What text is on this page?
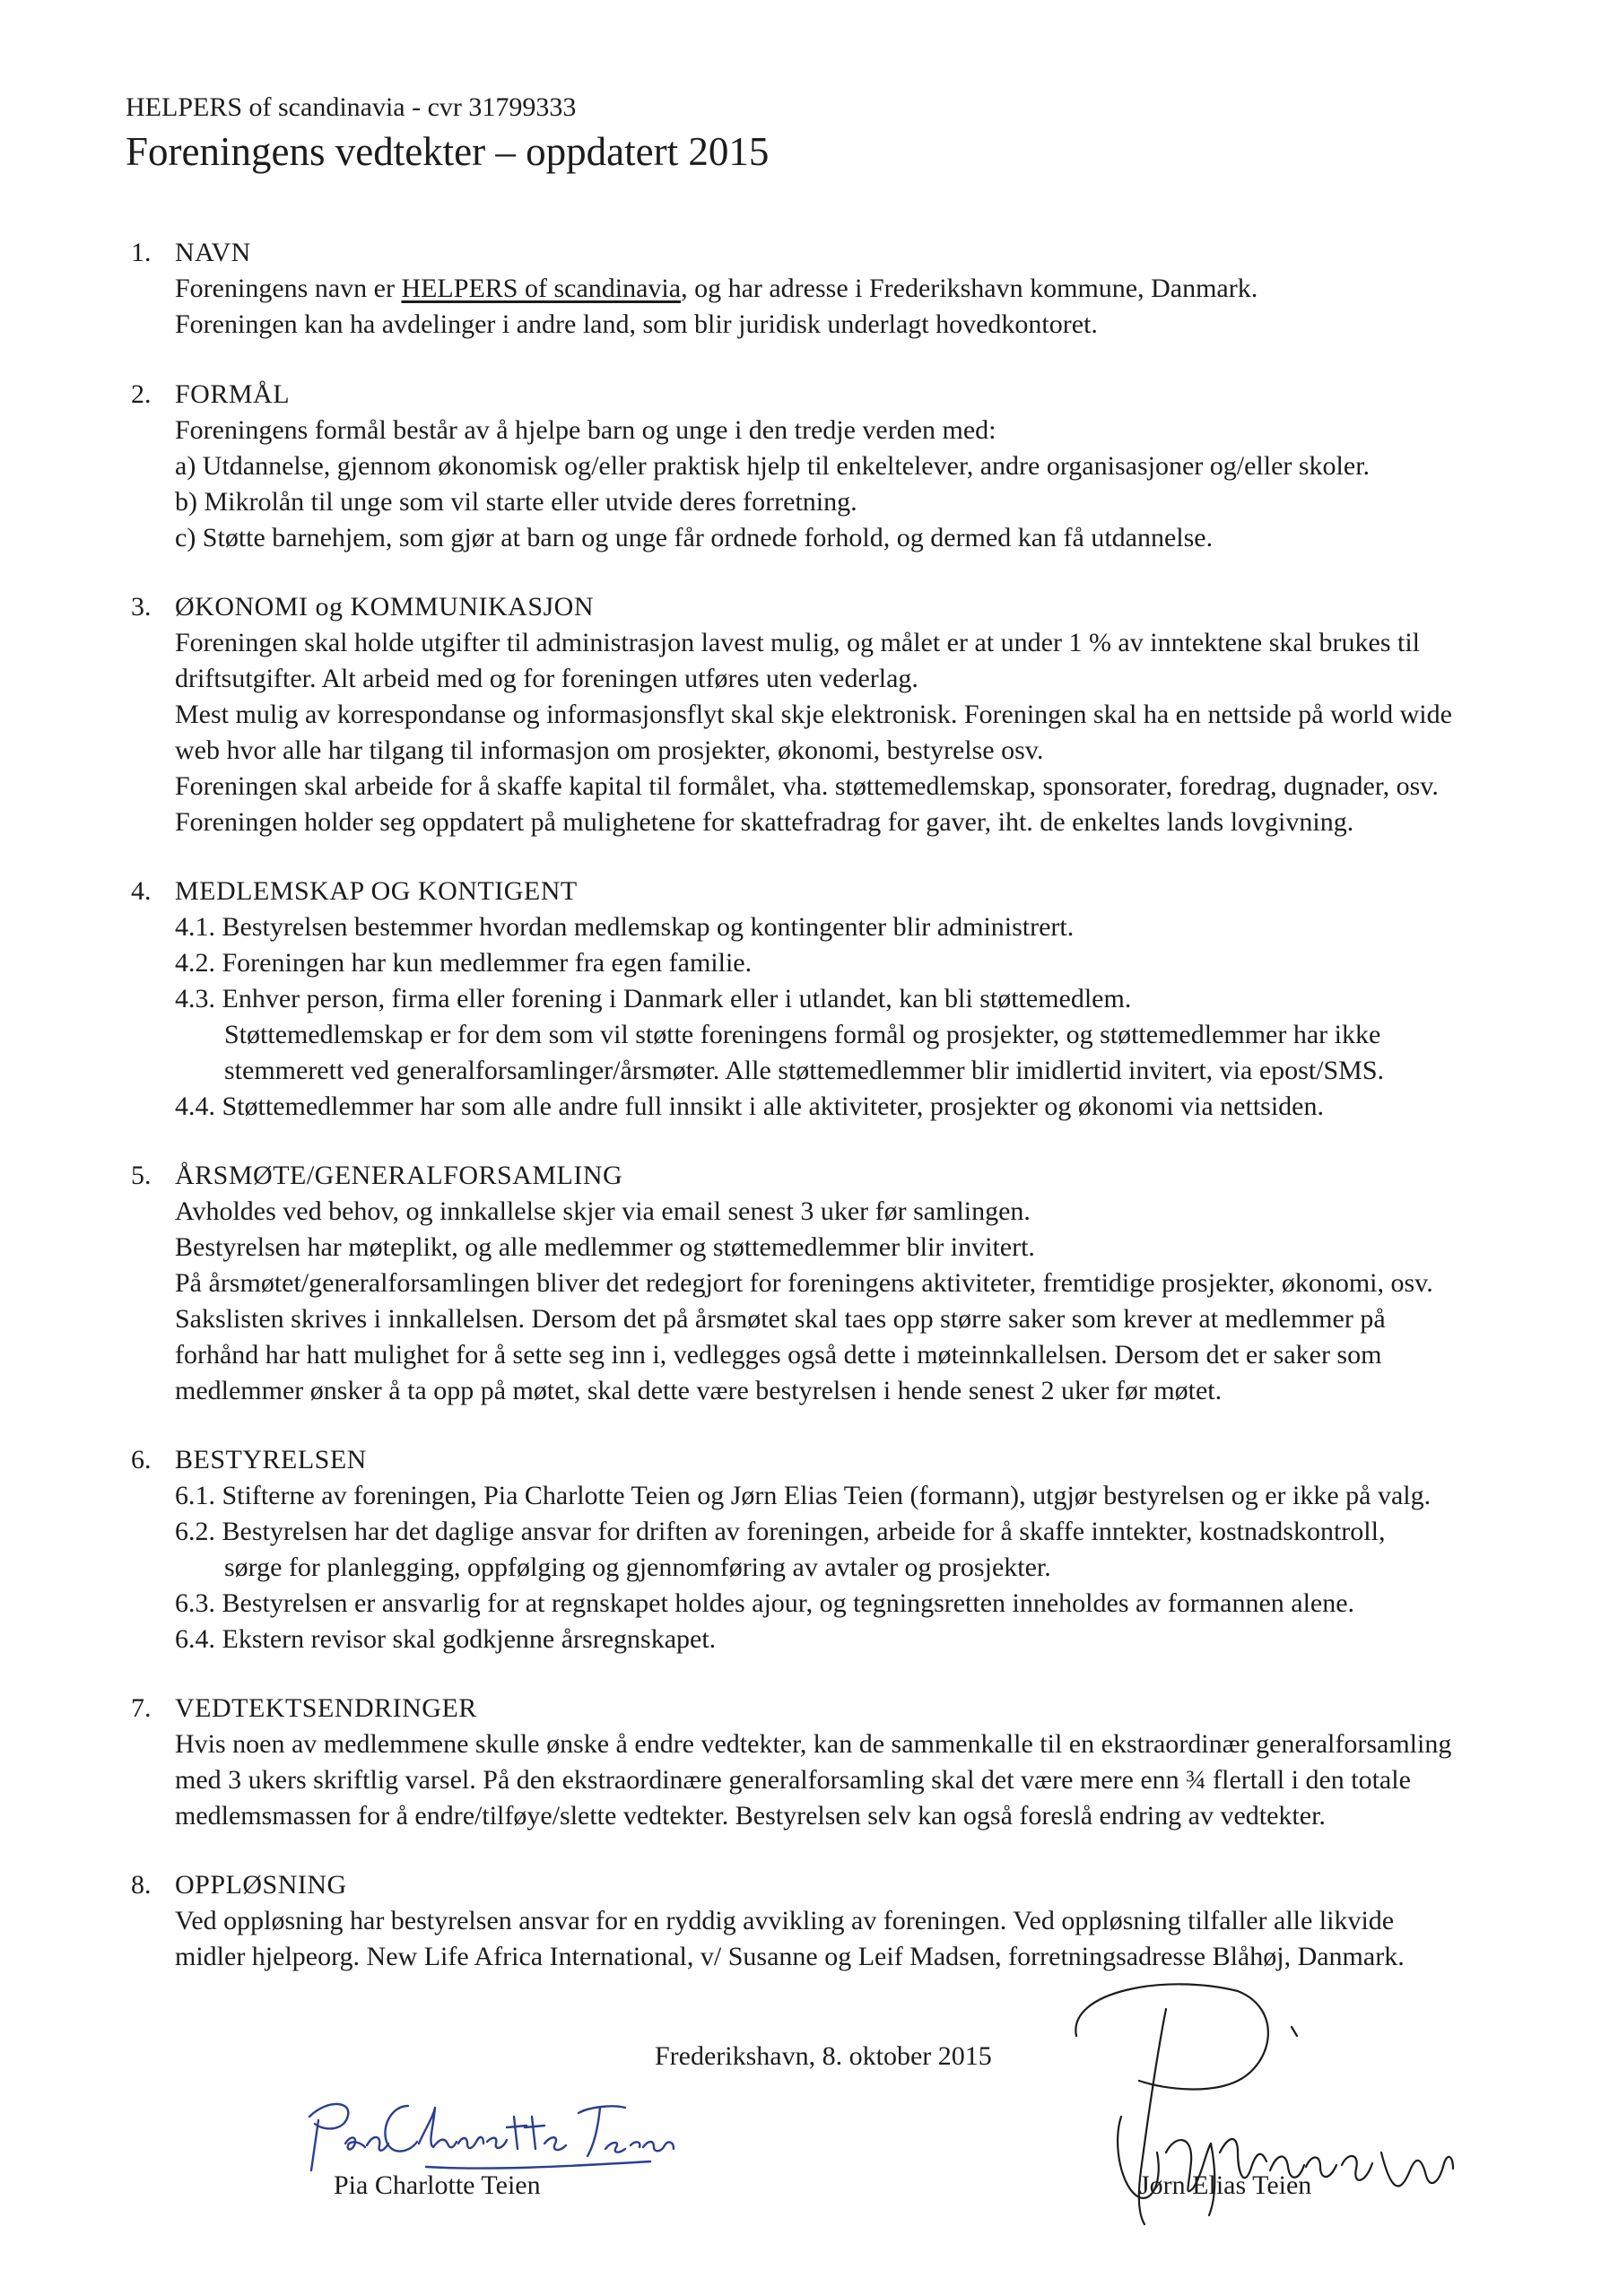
HELPERS of scandinavia - cvr 31799333
Foreningens vedtekter – oppdatert 2015
1. NAVN
Foreningens navn er HELPERS of scandinavia, og har adresse i Frederikshavn kommune, Danmark.
Foreningen kan ha avdelinger i andre land, som blir juridisk underlagt hovedkontoret.
2. FORMÅL
Foreningens formål består av å hjelpe barn og unge i den tredje verden med:
a) Utdannelse, gjennom økonomisk og/eller praktisk hjelp til enkeltelever, andre organisasjoner og/eller skoler.
b) Mikrolån til unge som vil starte eller utvide deres forretning.
c) Støtte barnehjem, som gjør at barn og unge får ordnede forhold, og dermed kan få utdannelse.
3. ØKONOMI og KOMMUNIKASJON
Foreningen skal holde utgifter til administrasjon lavest mulig, og målet er at under 1 % av inntektene skal brukes til
driftsutgifter. Alt arbeid med og for foreningen utføres uten vederlag.
Mest mulig av korrespondanse og informasjonsflyt skal skje elektronisk. Foreningen skal ha en nettside på world wide
web hvor alle har tilgang til informasjon om prosjekter, økonomi, bestyrelse osv.
Foreningen skal arbeide for å skaffe kapital til formålet, vha. støttemedlemskap, sponsorater, foredrag, dugnader, osv.
Foreningen holder seg oppdatert på mulighetene for skattefradrag for gaver, iht. de enkeltes lands lovgivning.
4. MEDLEMSKAP OG KONTIGENT
4.1. Bestyrelsen bestemmer hvordan medlemskap og kontingenter blir administrert.
4.2. Foreningen har kun medlemmer fra egen familie.
4.3. Enhver person, firma eller forening i Danmark eller i utlandet, kan bli støttemedlem.
Støttemedlemskap er for dem som vil støtte foreningens formål og prosjekter, og støttemedlemmer har ikke
stemmerett ved generalforsamlinger/årsmøter. Alle støttemedlemmer blir imidlertid invitert, via epost/SMS.
4.4. Støttemedlemmer har som alle andre full innsikt i alle aktiviteter, prosjekter og økonomi via nettsiden.
5. ÅRSMØTE/GENERALFORSAMLING
Avholdes ved behov, og innkallelse skjer via email senest 3 uker før samlingen.
Bestyrelsen har møteplikt, og alle medlemmer og støttemedlemmer blir invitert.
På årsmøtet/generalforsamlingen bliver det redegjort for foreningens aktiviteter, fremtidige prosjekter, økonomi, osv.
Sakslisten skrives i innkallelsen. Dersom det på årsmøtet skal taes opp større saker som krever at medlemmer på
forhånd har hatt mulighet for å sette seg inn i, vedlegges også dette i møteinnkallelsen. Dersom det er saker som
medlemmer ønsker å ta opp på møtet, skal dette være bestyrelsen i hende senest 2 uker før møtet.
6. BESTYRELSEN
6.1. Stifterne av foreningen, Pia Charlotte Teien og Jørn Elias Teien (formann), utgjør bestyrelsen og er ikke på valg.
6.2. Bestyrelsen har det daglige ansvar for driften av foreningen, arbeide for å skaffe inntekter, kostnadskontroll,
sørge for planlegging, oppfølging og gjennomføring av avtaler og prosjekter.
6.3. Bestyrelsen er ansvarlig for at regnskapet holdes ajour, og tegningsretten inneholdes av formannen alene.
6.4. Ekstern revisor skal godkjenne årsregnskapet.
7. VEDTEKTSENDRINGER
Hvis noen av medlemmene skulle ønske å endre vedtekter, kan de sammenkalle til en ekstraordinær generalforsamling
med 3 ukers skriftlig varsel. På den ekstraordinære generalforsamling skal det være mere enn ¾ flertall i den totale
medlemsmassen for å endre/tilføye/slette vedtekter. Bestyrelsen selv kan også foreslå endring av vedtekter.
8. OPPLØSNING
Ved oppløsning har bestyrelsen ansvar for en ryddig avvikling av foreningen. Ved oppløsning tilfaller alle likvide
midler hjelpeorg. New Life Africa International, v/ Susanne og Leif Madsen, forretningsadresse Blåhøj, Danmark.
Frederikshavn, 8. oktober 2015
Pia Charlotte Teien	Jørn Elias Teien
